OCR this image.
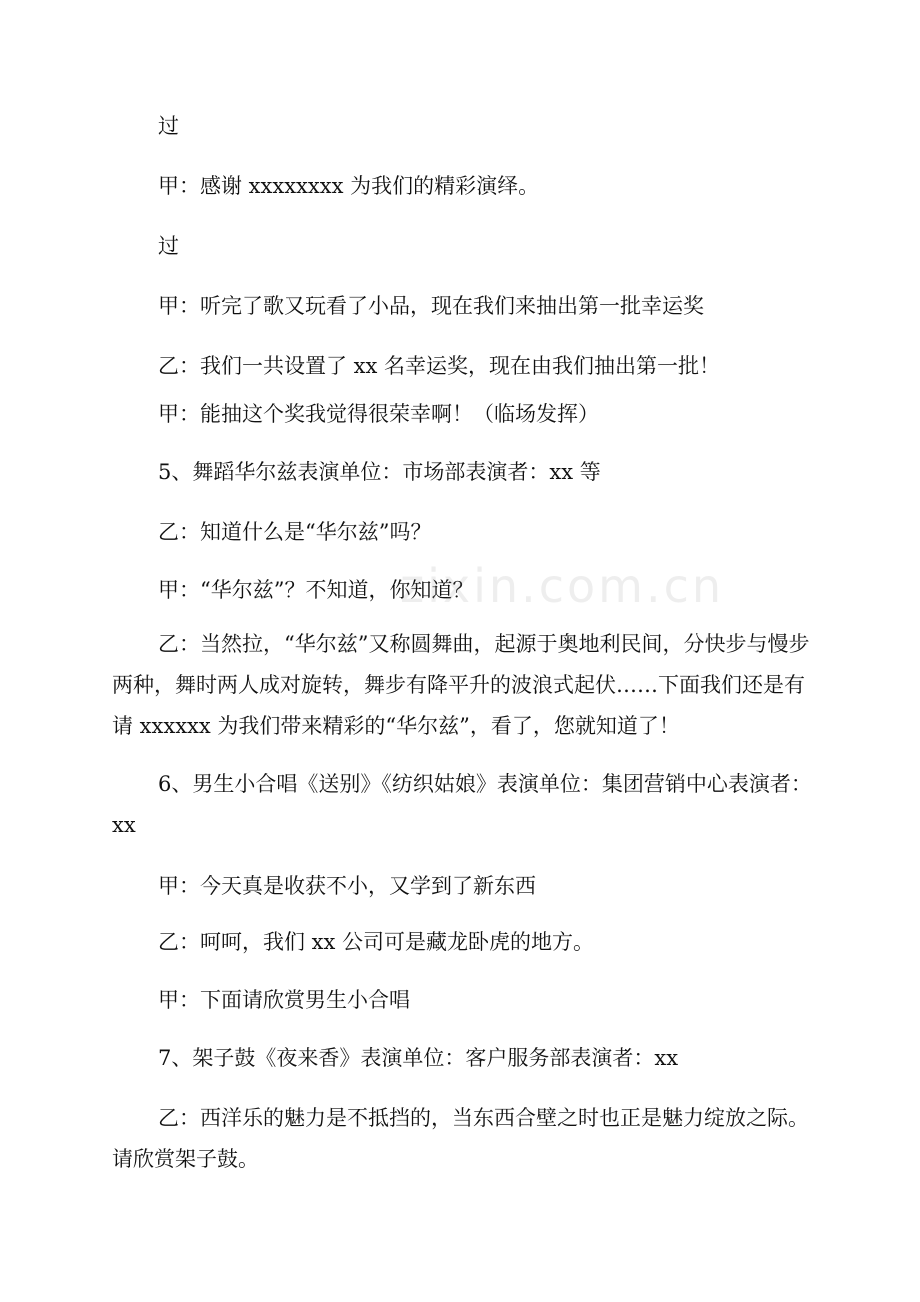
过

甲：感谢 xxxxxxxx 为我们的精彩演绎。

过

甲：听完了歌又玩看了小品，现在我们来抽出第一批幸运奖

乙：我们一共设置了 xx 名幸运奖，现在由我们抽出第一批！

甲：能抽这个奖我觉得很荣幸啊！（临场发挥）

5、舞蹈华尔兹表演单位：市场部表演者：xx 等

乙：知道什么是“华尔兹”吗？

甲：“华尔兹”？不知道，你知道？

乙：当然拉，“华尔兹”又称圆舞曲，起源于奥地利民间，分快步与慢步两种，舞时两人成对旋转，舞步有降平升的波浪式起伏……下面我们还是有请 xxxxxx 为我们带来精彩的“华尔兹”，看了，您就知道了！

6、男生小合唱《送别》《纺织姑娘》表演单位：集团营销中心表演者：xx

甲：今天真是收获不小，又学到了新东西

乙：呵呵，我们 xx 公司可是藏龙卧虎的地方。

甲：下面请欣赏男生小合唱

7、架子鼓《夜来香》表演单位：客户服务部表演者：xx

乙：西洋乐的魅力是不抵挡的，当东西合壁之时也正是魅力绽放之际。请欣赏架子鼓。

zixin.com.cn
